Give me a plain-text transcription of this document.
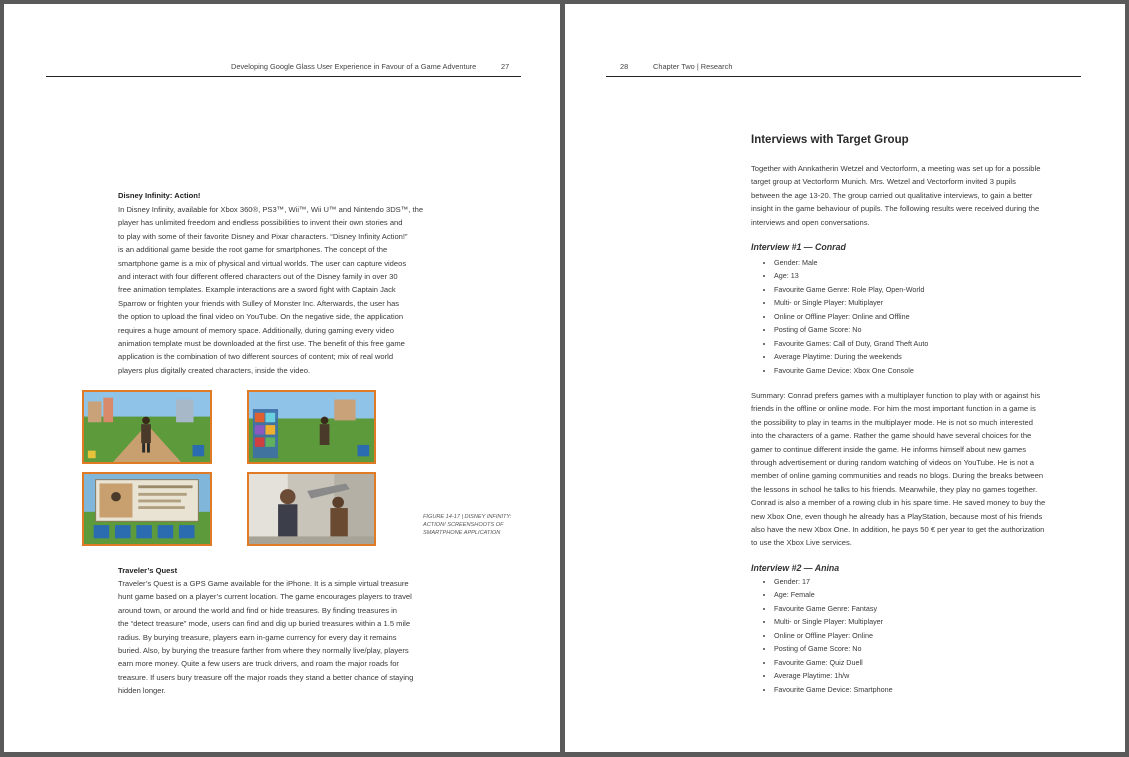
Developing Google Glass User Experience in Favour of a Game Adventure	27
Disney Infinity: Action!
In Disney Infinity, available for Xbox 360®, PS3™, Wii™, Wii U™ and Nintendo 3DS™, the
player has unlimited freedom and endless possibilities to invent their own stories and
to play with some of their favorite Disney and Pixar characters. “Disney Infinity Action!”
is an additional game beside the root game for smartphones. The concept of the
smartphone game is a mix of physical and virtual worlds. The user can capture videos
and interact with four different offered characters out of the Disney family in over 30
free animation templates. Example interactions are a sword fight with Captain Jack
Sparrow or frighten your friends with Sulley of Monster Inc. Afterwards, the user has
the option to upload the final video on YouTube. On the negative side, the application
requires a huge amount of memory space. Additionally, during gaming every video
animation template must be downloaded at the first use. The benefit of this free game
application is the combination of two different sources of content; mix of real world
players plus digitally created characters, inside the video.
FIGURE 14-17 | DISNEY INFINITY: ACTION! SCREENSHOOTS OF SMARTPHONE APPLICATION
Traveler’s Quest
Traveler’s Quest is a GPS Game available for the iPhone. It is a simple virtual treasure
hunt game based on a player’s current location. The game encourages players to travel
around town, or around the world and find or hide treasures. By finding treasures in
the “detect treasure” mode, users can find and dig up buried treasures within a 1.5 mile
radius. By burying treasure, players earn in-game currency for every day it remains
buried. Also, by burying the treasure farther from where they normally live/play, players
earn more money. Quite a few users are truck drivers, and roam the major roads for
treasure. If users bury treasure off the major roads they stand a better chance of staying
hidden longer.
28	Chapter Two | Research
Interviews with Target Group
Together with Annkatherin Wetzel and Vectorform, a meeting was set up for a possible
target group at Vectorform Munich. Mrs. Wetzel and Vectorform invited 3 pupils
between the age 13-20. The group carried out qualitative interviews, to gain a better
insight in the game behaviour of pupils. The following results were received during the
interviews and open conversations.
Interview #1 — Conrad
Gender: Male
Age: 13
Favourite Game Genre: Role Play, Open-World
Multi- or Single Player: Multiplayer
Online or Offline Player: Online and Offline
Posting of Game Score: No
Favourite Games: Call of Duty, Grand Theft Auto
Average Playtime: During the weekends
Favourite Game Device: Xbox One Console
Summary: Conrad prefers games with a multiplayer function to play with or against his
friends in the offline or online mode. For him the most important function in a game is
the possibility to play in teams in the multiplayer mode. He is not so much interested
into the characters of a game. Rather the game should have several choices for the
gamer to continue different inside the game. He informs himself about new games
through advertisement or during random watching of videos on YouTube. He is not a
member of online gaming communities and reads no blogs. During the breaks between
the lessons in school he talks to his friends. Meanwhile, they play no games together.
Conrad is also a member of a rowing club in his spare time. He saved money to buy the
new Xbox One, even though he already has a PlayStation, because most of his friends
also have the new Xbox One. In addition, he pays 50 € per year to get the authorization
to use the Xbox Live services.
Interview #2 — Anina
Gender: 17
Age: Female
Favourite Game Genre: Fantasy
Multi- or Single Player: Multiplayer
Online or Offline Player: Online
Posting of Game Score: No
Favourite Game: Quiz Duell
Average Playtime: 1h/w
Favourite Game Device: Smartphone
